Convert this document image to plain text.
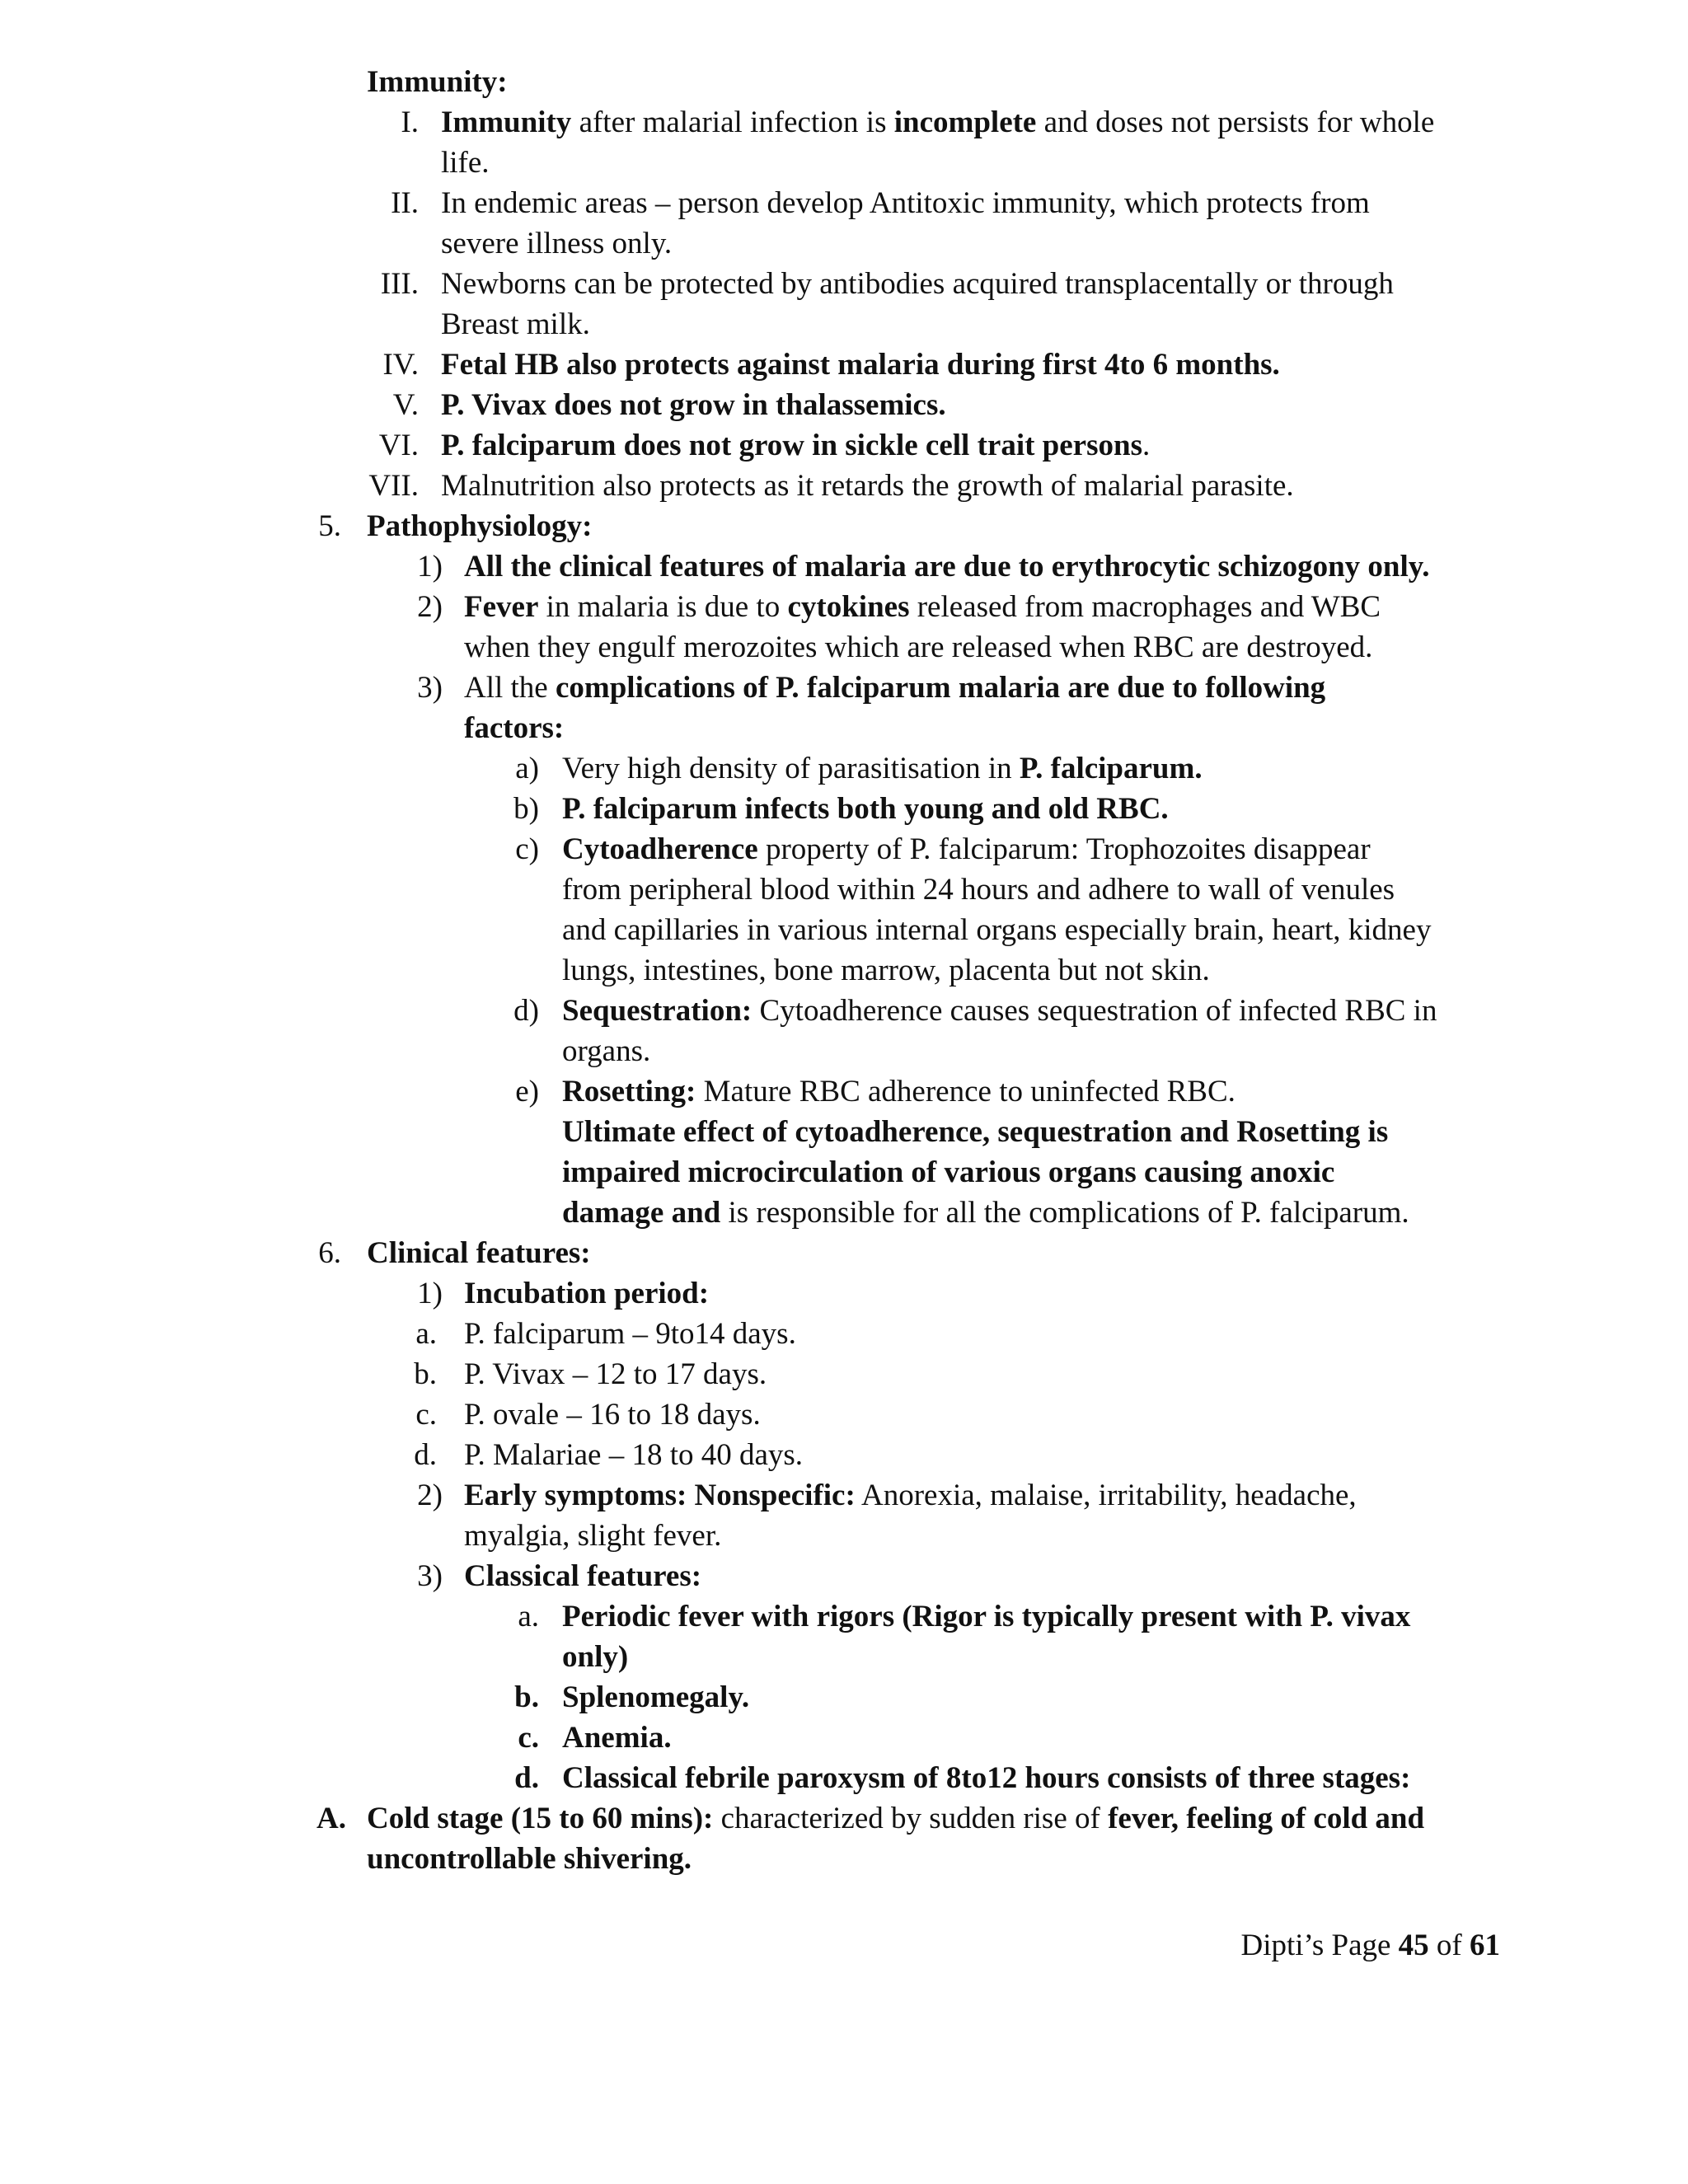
Immunity:
I. Immunity after malarial infection is incomplete and doses not persists for whole
life.
II. In endemic areas – person develop Antitoxic immunity, which protects from
severe illness only.
III. Newborns can be protected by antibodies acquired transplacentally or through
Breast milk.
IV. Fetal HB also protects against malaria during first 4to 6 months.
V. P. Vivax does not grow in thalassemics.
VI. P. falciparum does not grow in sickle cell trait persons.
VII. Malnutrition also protects as it retards the growth of malarial parasite.
5. Pathophysiology:
1) All the clinical features of malaria are due to erythrocytic schizogony only.
2) Fever in malaria is due to cytokines released from macrophages and WBC
when they engulf merozoites which are released when RBC are destroyed.
3) All the complications of P. falciparum malaria are due to following
factors:
a) Very high density of parasitisation in P. falciparum.
b) P. falciparum infects both young and old RBC.
c) Cytoadherence property of P. falciparum: Trophozoites disappear
from peripheral blood within 24 hours and adhere to wall of venules
and capillaries in various internal organs especially brain, heart, kidney
lungs, intestines, bone marrow, placenta but not skin.
d) Sequestration: Cytoadherence causes sequestration of infected RBC in
organs.
e) Rosetting: Mature RBC adherence to uninfected RBC.
Ultimate effect of cytoadherence, sequestration and Rosetting is
impaired microcirculation of various organs causing anoxic
damage and is responsible for all the complications of P. falciparum.
6. Clinical features:
1) Incubation period:
a. P. falciparum – 9to14 days.
b. P. Vivax – 12 to 17 days.
c. P. ovale – 16 to 18 days.
d. P. Malariae – 18 to 40 days.
2) Early symptoms: Nonspecific: Anorexia, malaise, irritability, headache,
myalgia, slight fever.
3) Classical features:
a. Periodic fever with rigors (Rigor is typically present with P. vivax
only)
b. Splenomegaly.
c. Anemia.
d. Classical febrile paroxysm of 8to12 hours consists of three stages:
A. Cold stage (15 to 60 mins): characterized by sudden rise of fever, feeling of cold and
uncontrollable shivering.
Dipti’s Page 45 of 61
